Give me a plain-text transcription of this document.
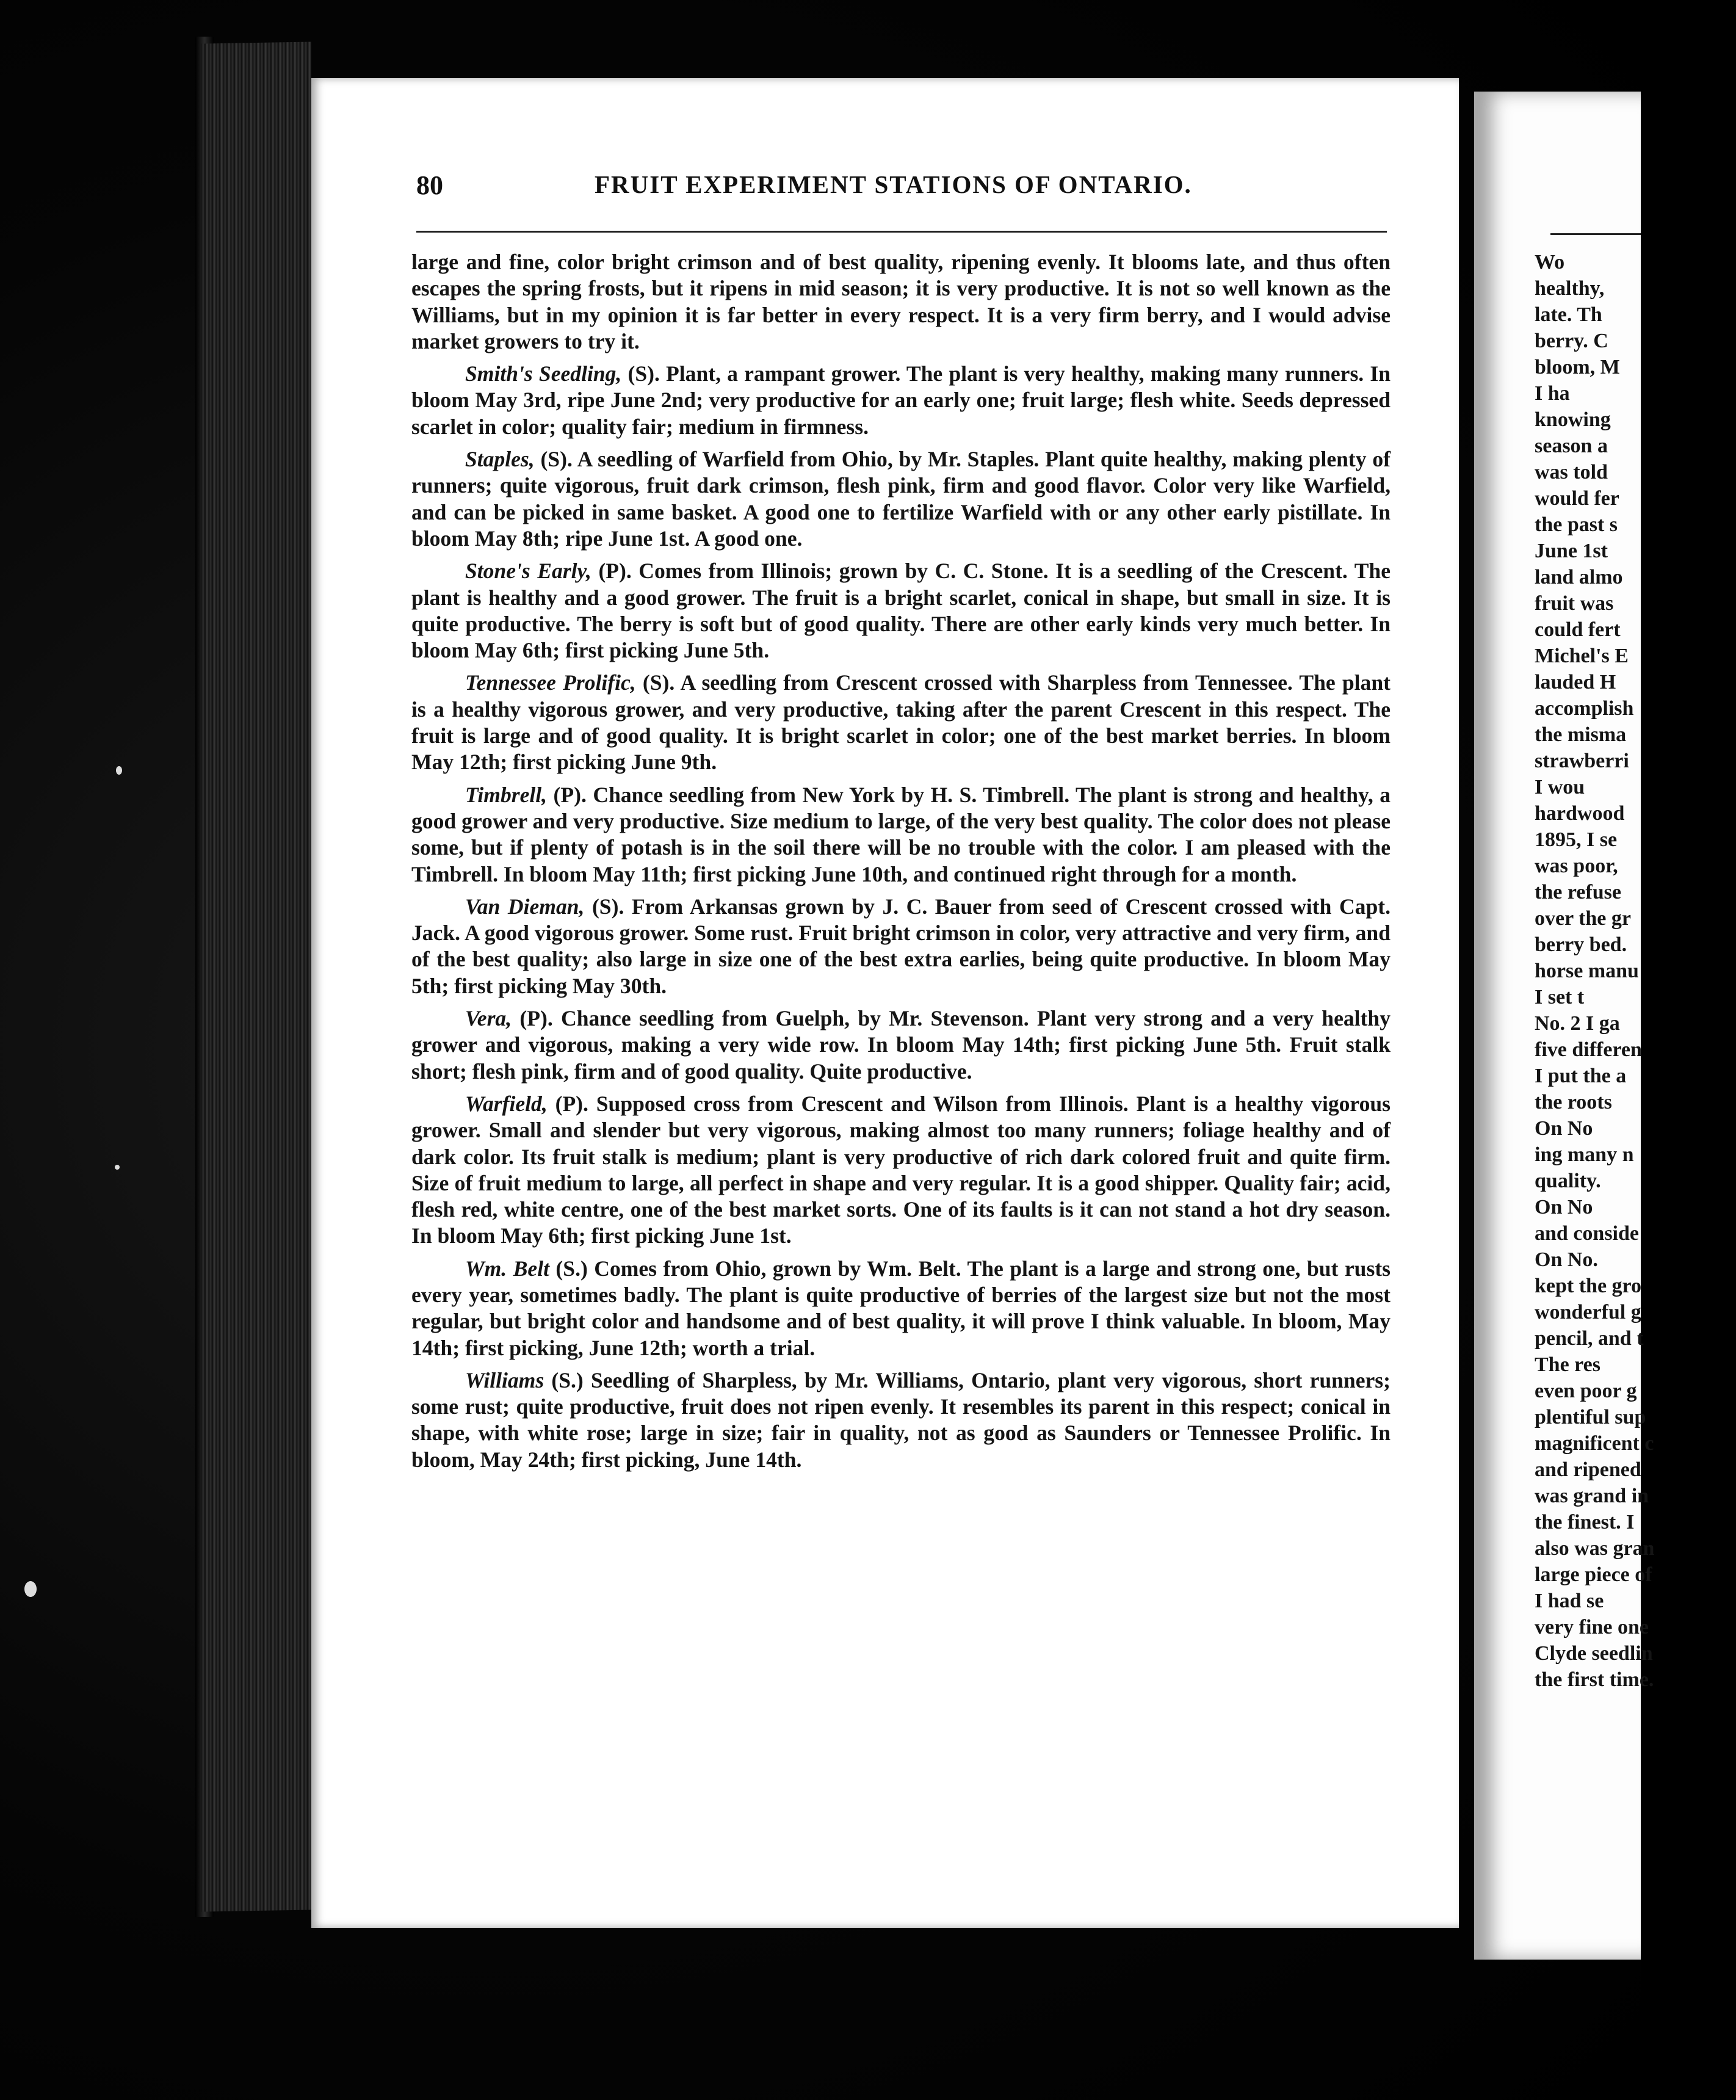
80	FRUIT EXPERIMENT STATIONS OF ONTARIO.

large and fine, color bright crimson and of best quality, ripening evenly. It blooms late, and thus often escapes the spring frosts, but it ripens in mid season; it is very productive. It is not so well known as the Williams, but in my opinion it is far better in every respect. It is a very firm berry, and I would advise market growers to try it.

Smith's Seedling, (S). Plant, a rampant grower. The plant is very healthy, making many runners. In bloom May 3rd, ripe June 2nd; very productive for an early one; fruit large; flesh white. Seeds depressed scarlet in color; quality fair; medium in firmness.

Staples, (S). A seedling of Warfield from Ohio, by Mr. Staples. Plant quite healthy, making plenty of runners; quite vigorous, fruit dark crimson, flesh pink, firm and good flavor. Color very like Warfield, and can be picked in same basket. A good one to fertilize Warfield with or any other early pistillate. In bloom May 8th; ripe June 1st. A good one.

Stone's Early, (P). Comes from Illinois; grown by C. C. Stone. It is a seedling of the Crescent. The plant is healthy and a good grower. The fruit is a bright scarlet, conical in shape, but small in size. It is quite productive. The berry is soft but of good quality. There are other early kinds very much better. In bloom May 6th; first picking June 5th.

Tennessee Prolific, (S). A seedling from Crescent crossed with Sharpless from Tennessee. The plant is a healthy vigorous grower, and very productive, taking after the parent Crescent in this respect. The fruit is large and of good quality. It is bright scarlet in color; one of the best market berries. In bloom May 12th; first picking June 9th.

Timbrell, (P). Chance seedling from New York by H. S. Timbrell. The plant is strong and healthy, a good grower and very productive. Size medium to large, of the very best quality. The color does not please some, but if plenty of potash is in the soil there will be no trouble with the color. I am pleased with the Timbrell. In bloom May 11th; first picking June 10th, and continued right through for a month.

Van Dieman, (S). From Arkansas grown by J. C. Bauer from seed of Crescent crossed with Capt. Jack. A good vigorous grower. Some rust. Fruit bright crimson in color, very attractive and very firm, and of the best quality; also large in size one of the best extra earlies, being quite productive. In bloom May 5th; first picking May 30th.

Vera, (P). Chance seedling from Guelph, by Mr. Stevenson. Plant very strong and a very healthy grower and vigorous, making a very wide row. In bloom May 14th; first picking June 5th. Fruit stalk short; flesh pink, firm and of good quality. Quite productive.

Warfield, (P). Supposed cross from Crescent and Wilson from Illinois. Plant is a healthy vigorous grower. Small and slender but very vigorous, making almost too many runners; foliage healthy and of dark color. Its fruit stalk is medium; plant is very productive of rich dark colored fruit and quite firm. Size of fruit medium to large, all perfect in shape and very regular. It is a good shipper. Quality fair; acid, flesh red, white centre, one of the best market sorts. One of its faults is it can not stand a hot dry season. In bloom May 6th; first picking June 1st.

Wm. Belt (S.) Comes from Ohio, grown by Wm. Belt. The plant is a large and strong one, but rusts every year, sometimes badly. The plant is quite productive of berries of the largest size but not the most regular, but bright color and handsome and of best quality, it will prove I think valuable. In bloom, May 14th; first picking, June 12th; worth a trial.

Williams (S.) Seedling of Sharpless, by Mr. Williams, Ontario, plant very vigorous, short runners; some rust; quite productive, fruit does not ripen evenly. It resembles its parent in this respect; conical in shape, with white rose; large in size; fair in quality, not as good as Saunders or Tennessee Prolific. In bloom, May 24th; first picking, June 14th.

Wo
healthy,
late. Th
berry. C
bloom, M
I ha
knowing
season a
was told
would fer
the past s
June 1st
land almo
fruit was
could fert
Michel's E
lauded H
accomplish
the misma
strawberri
I wou
hardwood
1895, I se
was poor,
the refuse
over the gr
berry bed.
horse manu
I set t
No. 2 I ga
five differen
I put the a
the roots
On No
ing many n
quality.
On No
and conside
On No.
kept the gro
wonderful g
pencil, and t
The res
even poor g
plentiful sup
magnificent c
and ripened
was grand in
the finest. I
also was gran
large piece of
I had se
very fine one
Clyde seedlin
the first time.
